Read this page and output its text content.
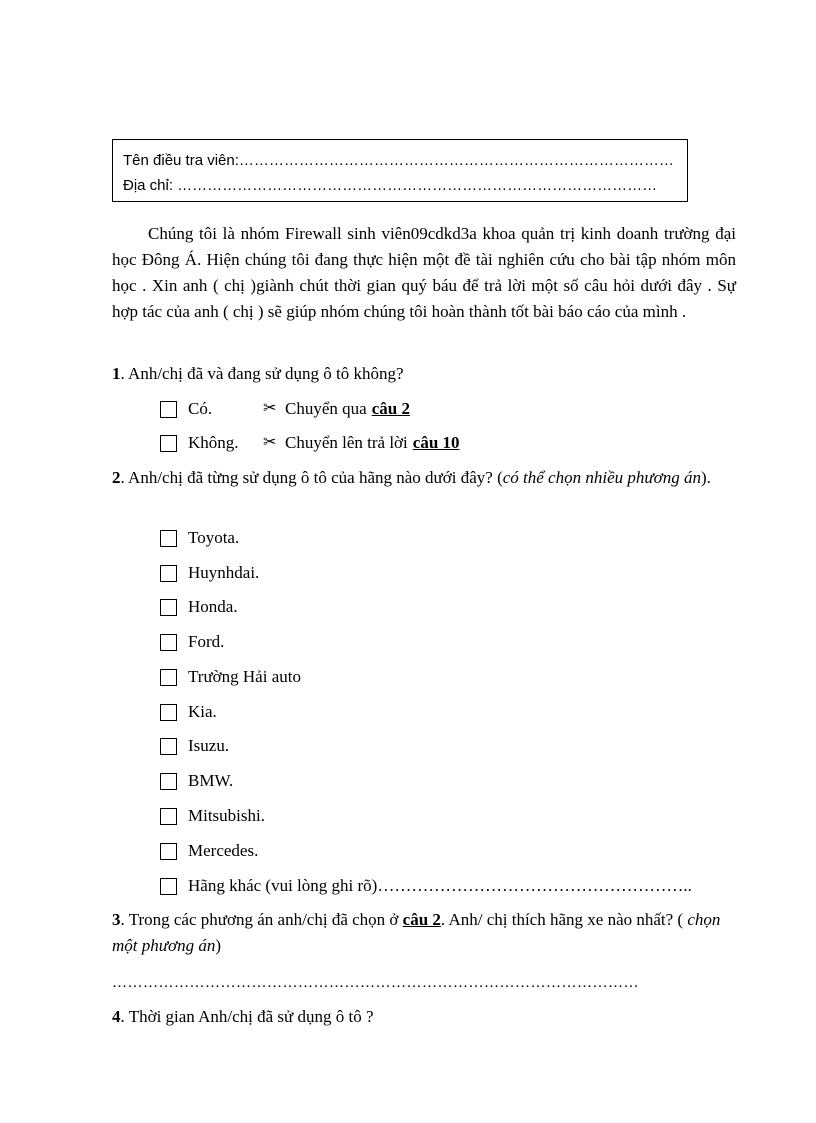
Tên điều tra viên:……………………………………………………………………………
Địa chỉ: ……………………………………………………………………………………

Chúng tôi là nhóm Firewall sinh viên09cdkd3a khoa quản trị kinh doanh trường đại học Đông Á. Hiện chúng tôi đang thực hiện một đề tài nghiên cứu cho bài tập nhóm môn học . Xin anh ( chị )giành chút thời gian quý báu để trả lời một số câu hỏi dưới đây . Sự hợp tác của anh ( chị ) sẽ giúp nhóm chúng tôi hoàn thành tốt bài báo cáo của mình .

1. Anh/chị đã và đang sử dụng ô tô không?

Có.	✂ Chuyển qua câu 2
Không.	✂ Chuyển lên trả lời câu 10

2. Anh/chị đã từng sử dụng ô tô của hãng nào dưới đây? (có thể chọn nhiều phương án).

Toyota.
Huynhdai.
Honda.
Ford.
Trường Hải auto
Kia.
Isuzu.
BMW.
Mitsubishi.
Mercedes.
Hãng khác (vui lòng ghi rõ)………………………………………………..

3. Trong các phương án anh/chị đã chọn ở câu 2. Anh/ chị thích hãng xe nào nhất? ( chọn một phương án)

…………………………………………………………………………………………

4. Thời gian Anh/chị đã sử dụng ô tô ?
